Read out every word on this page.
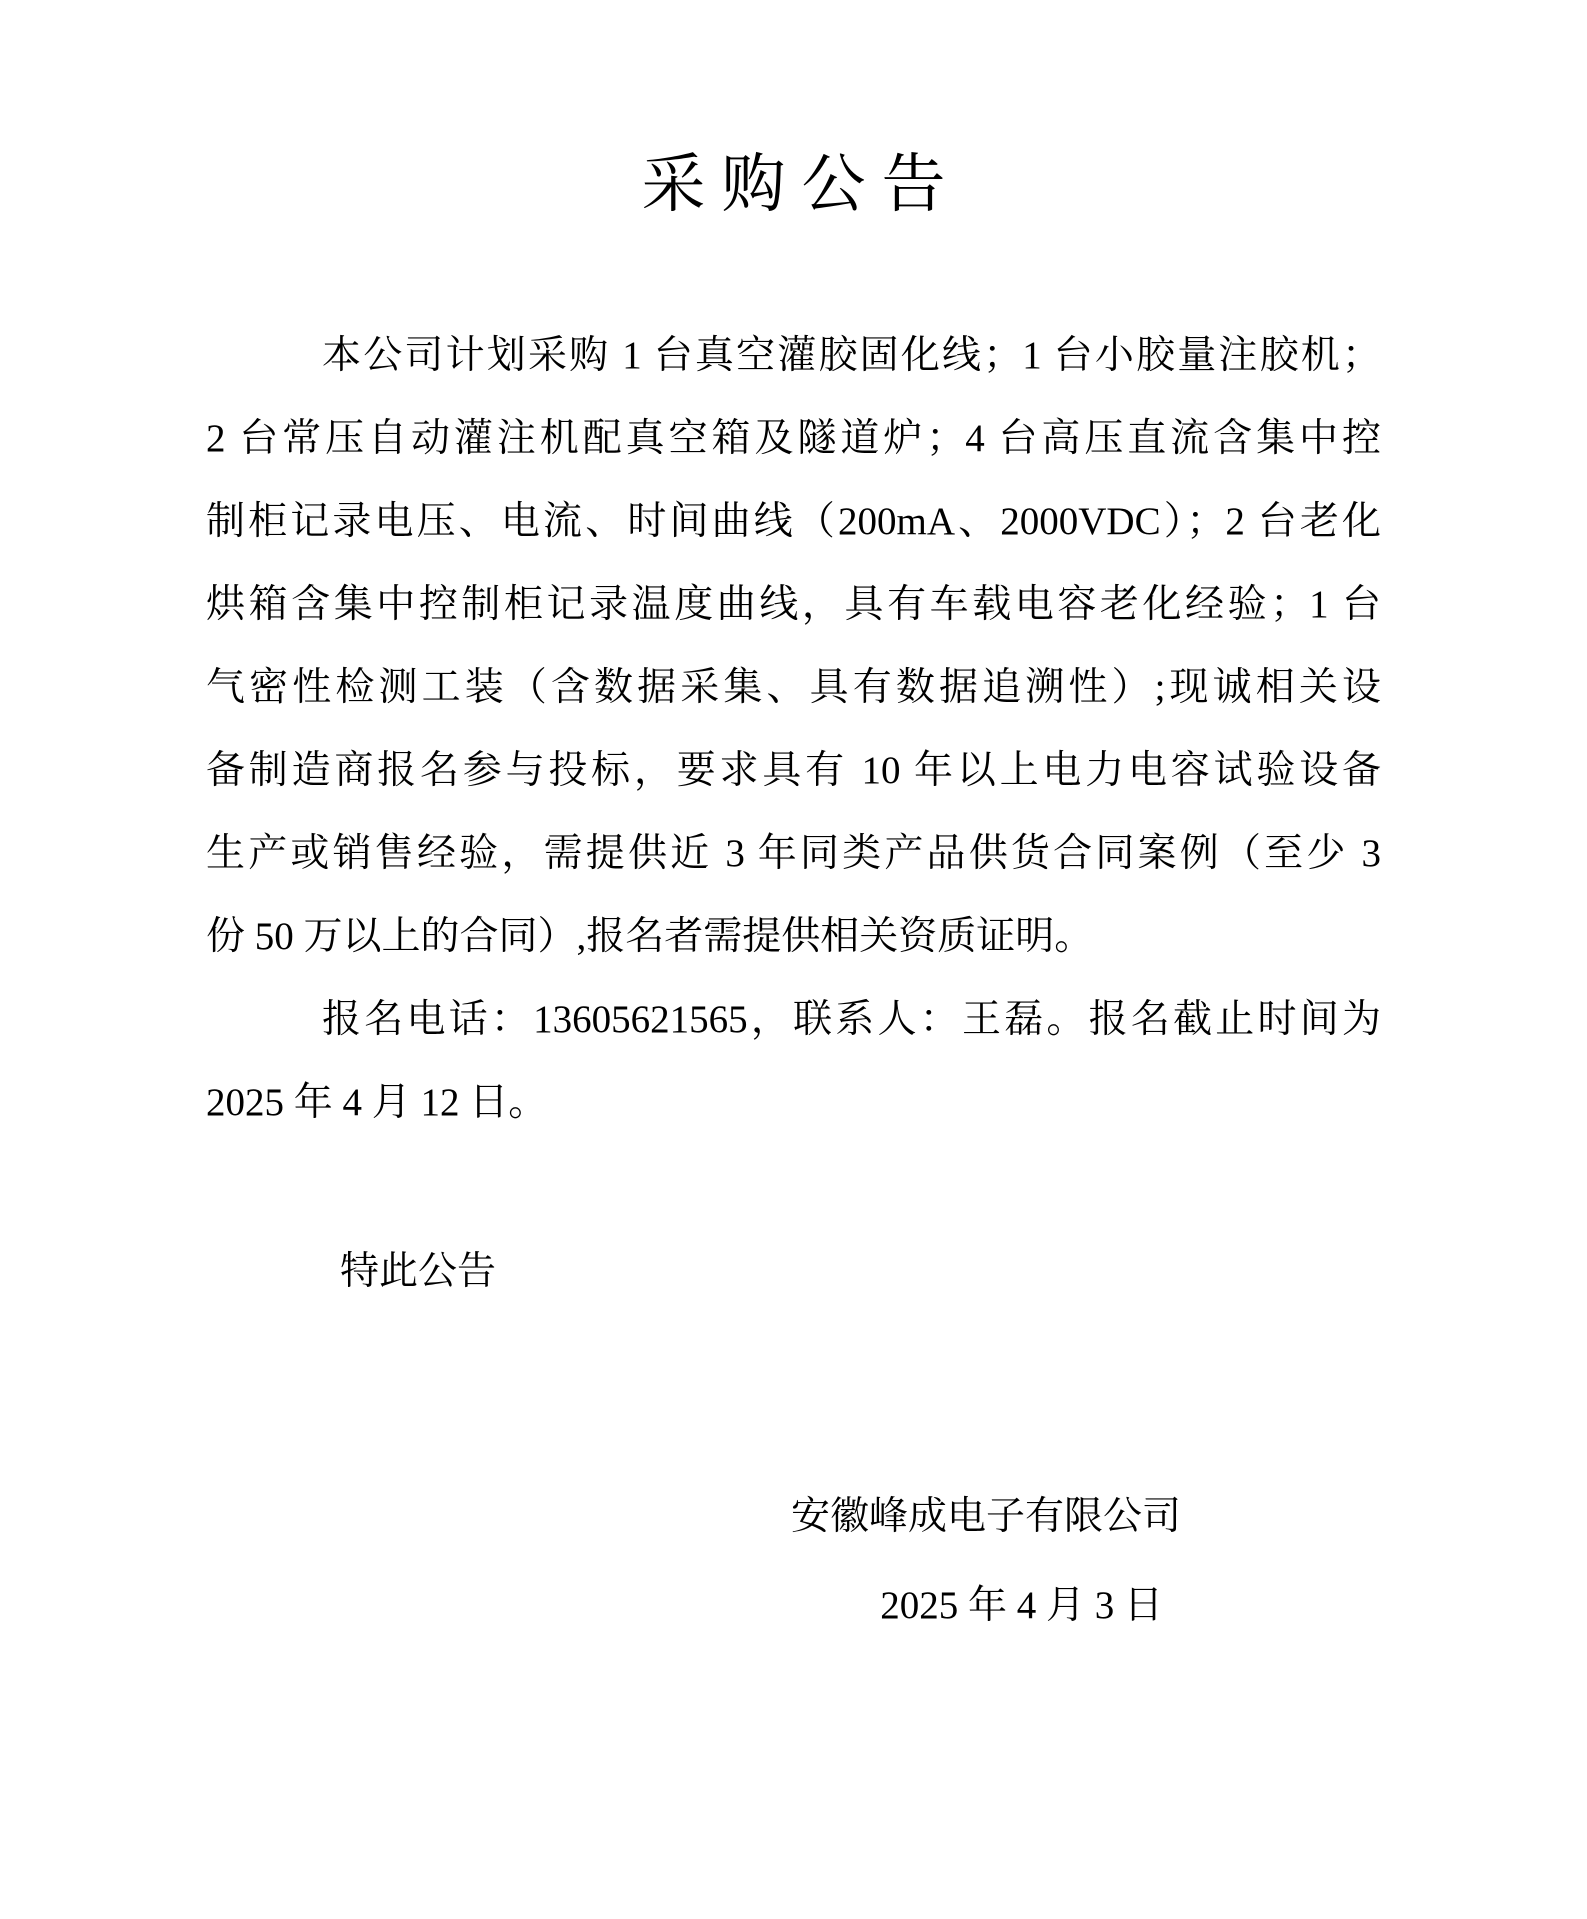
采 购 公 告
本公司计划采购 1 台真空灌胶固化线；1 台小胶量注胶机；
2 台常压自动灌注机配真空箱及隧道炉；4 台高压直流含集中控
制柜记录电压、电流、时间曲线（200mA、2000VDC）；2 台老化
烘箱含集中控制柜记录温度曲线，具有车载电容老化经验；1 台
气密性检测工装（含数据采集、具有数据追溯性）;现诚相关设
备制造商报名参与投标，要求具有 10 年以上电力电容试验设备
生产或销售经验，需提供近 3 年同类产品供货合同案例（至少 3
份 50 万以上的合同）,报名者需提供相关资质证明。
报名电话：13605621565，联系人：王磊。报名截止时间为
2025 年 4 月 12 日。
特此公告
安徽峰成电子有限公司
2025 年 4 月 3 日
